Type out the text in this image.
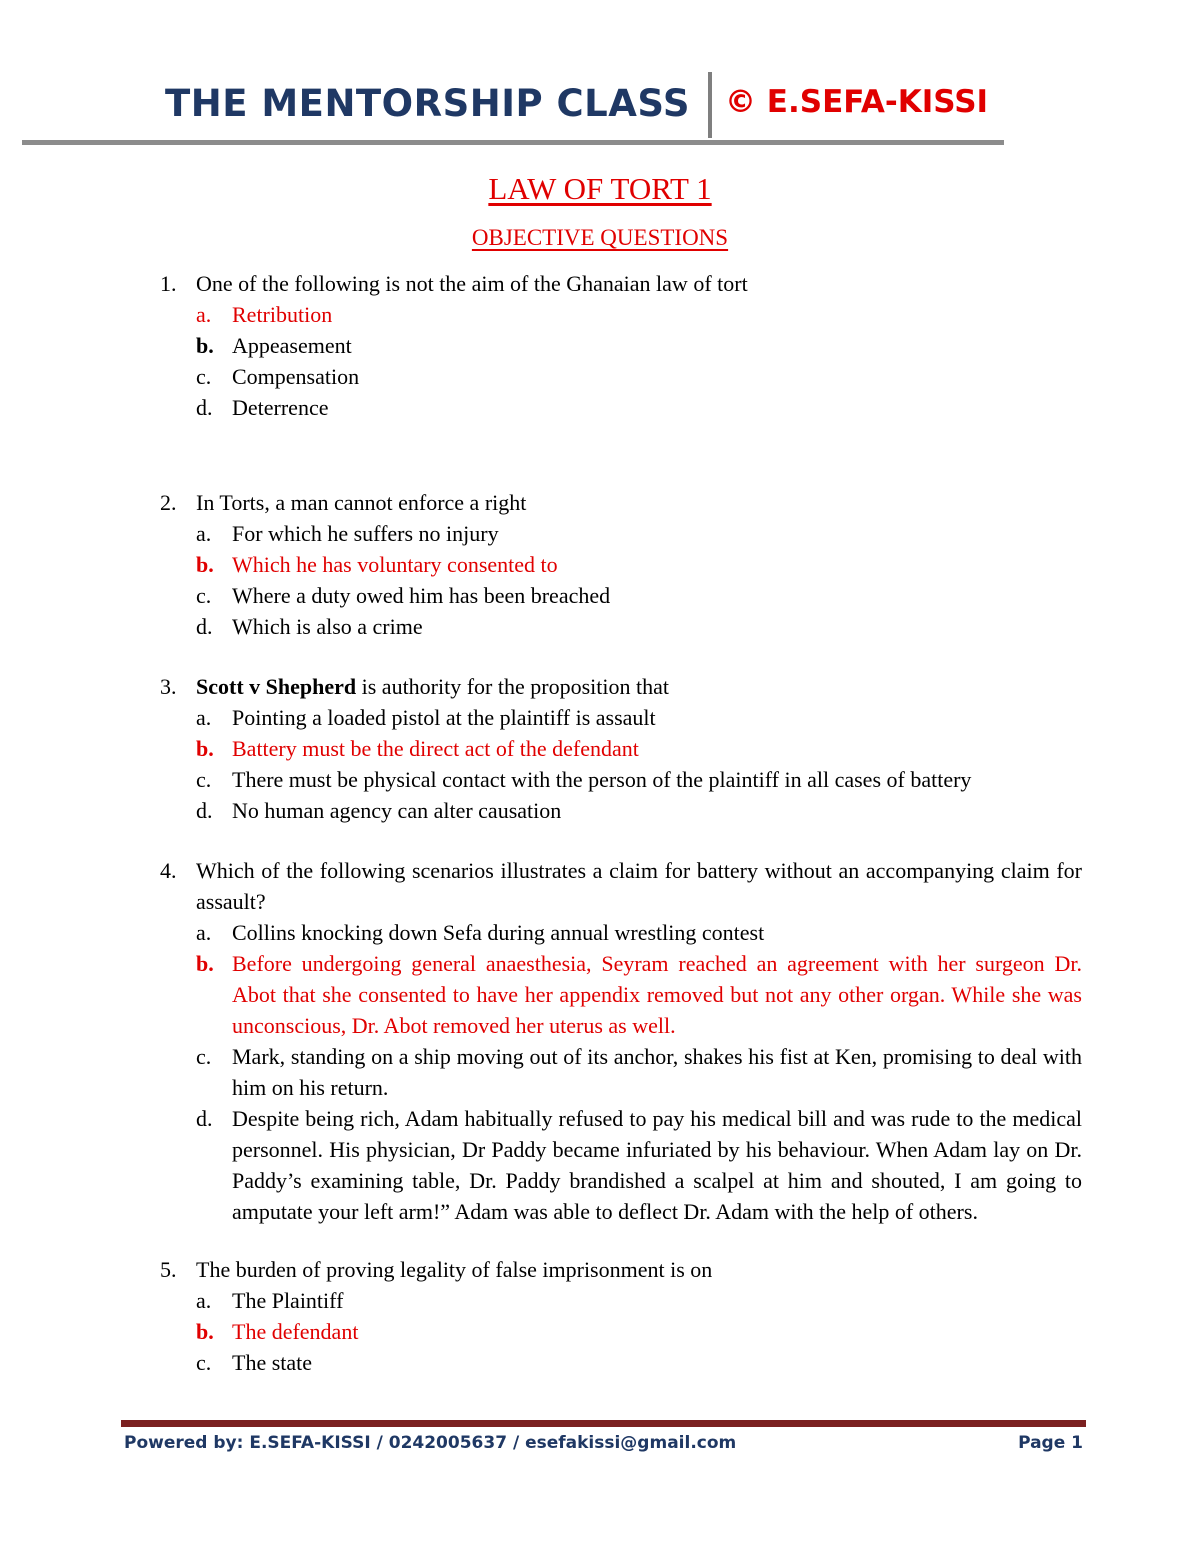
THE MENTORSHIP CLASS © E.SEFA-KISSI
LAW OF TORT 1
OBJECTIVE QUESTIONS
1. One of the following is not the aim of the Ghanaian law of tort
a. Retribution
b. Appeasement
c. Compensation
d. Deterrence
2. In Torts, a man cannot enforce a right
a. For which he suffers no injury
b. Which he has voluntary consented to
c. Where a duty owed him has been breached
d. Which is also a crime
3. Scott v Shepherd is authority for the proposition that
a. Pointing a loaded pistol at the plaintiff is assault
b. Battery must be the direct act of the defendant
c. There must be physical contact with the person of the plaintiff in all cases of battery
d. No human agency can alter causation
4. Which of the following scenarios illustrates a claim for battery without an accompanying claim for assault?
a. Collins knocking down Sefa during annual wrestling contest
b. Before undergoing general anaesthesia, Seyram reached an agreement with her surgeon Dr. Abot that she consented to have her appendix removed but not any other organ. While she was unconscious, Dr. Abot removed her uterus as well.
c. Mark, standing on a ship moving out of its anchor, shakes his fist at Ken, promising to deal with him on his return.
d. Despite being rich, Adam habitually refused to pay his medical bill and was rude to the medical personnel. His physician, Dr Paddy became infuriated by his behaviour. When Adam lay on Dr. Paddy’s examining table, Dr. Paddy brandished a scalpel at him and shouted, I am going to amputate your left arm!” Adam was able to deflect Dr. Adam with the help of others.
5. The burden of proving legality of false imprisonment is on
a. The Plaintiff
b. The defendant
c. The state
Powered by: E.SEFA-KISSI / 0242005637 / esefakissi@gmail.com	Page 1
